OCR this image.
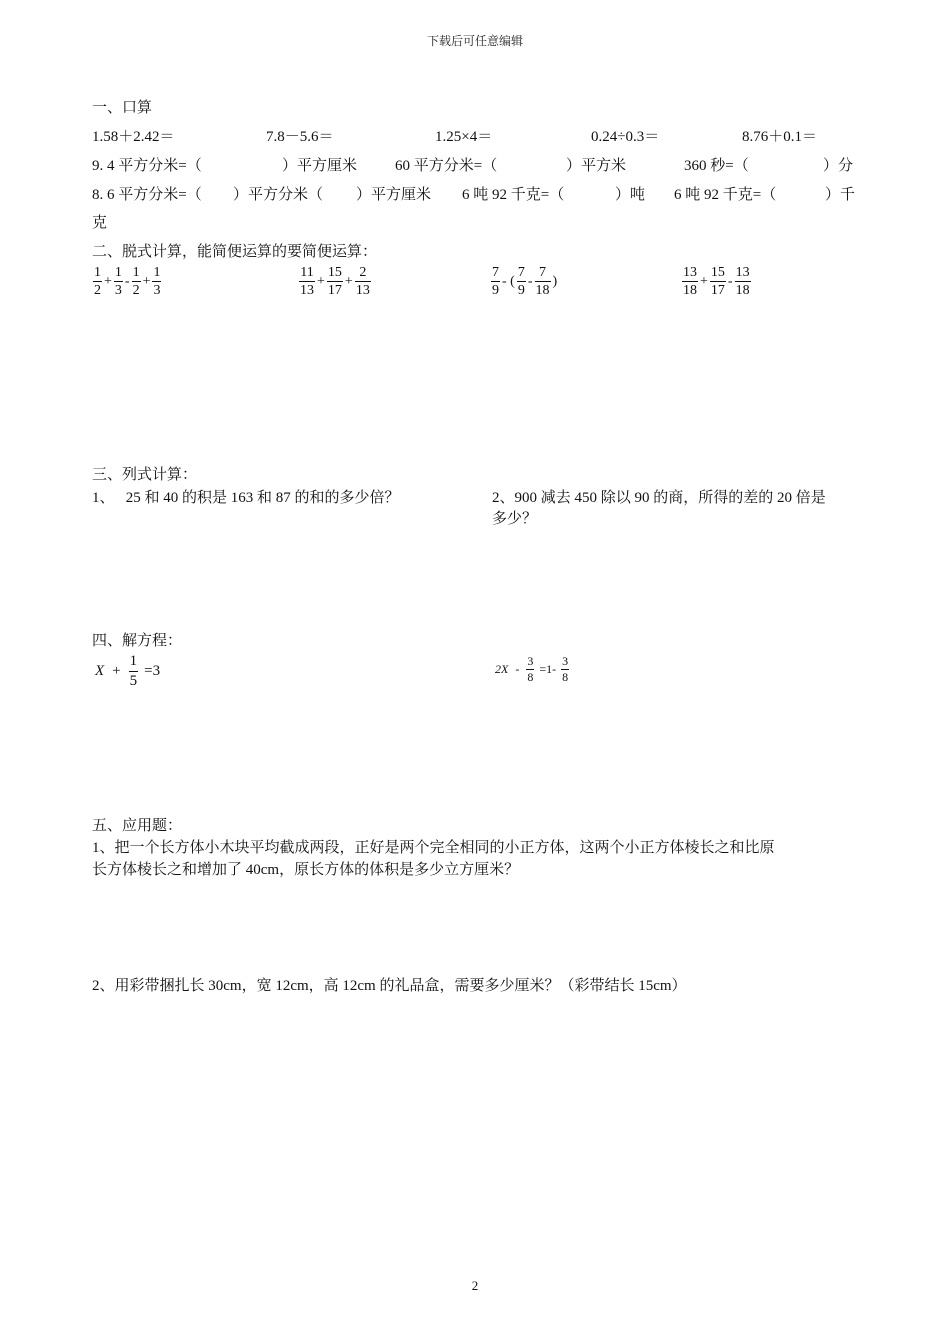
下载后可任意编辑
一、口算
1.58＋2.42＝	7.8－5.6＝	1.25×4＝	0.24÷0.3＝	8.76＋0.1＝
9. 4 平方分米=（	）平方厘米	60 平方分米=（	）平方米	360 秒=（	）分
8. 6 平方分米=（ ）平方分米（ ）平方厘米 6 吨 92 千克=（	）吨 6 吨 92 千克=（	）千
克
二、脱式计算，能简便运算的要简便运算：
$\frac{1}{2} + \frac{1}{3} - \frac{1}{2} + \frac{1}{3}$	$\frac{11}{13} + \frac{15}{17} + \frac{2}{13}$	$\frac{7}{9}$ - ( $\frac{7}{9} - \frac{7}{18}$ )	$\frac{13}{18} + \frac{15}{17} - \frac{13}{18}$
三、列式计算：
1、　 25 和 40 的积是 163 和 87 的和的多少倍？	2、900 减去 450 除以 90 的商，所得的差的 20 倍是
多少？
四、解方程：
$X + \frac{1}{5} =3$	$2X - \frac{3}{8} =1- \frac{3}{8}$
五、应用题：
1、把一个长方体小木块平均截成两段，正好是两个完全相同的小正方体，这两个小正方体棱长之和比原
长方体棱长之和增加了 40cm，原长方体的体积是多少立方厘米？
2、用彩带捆扎长 30cm，宽 12cm，高 12cm 的礼品盒，需要多少厘米？（彩带结长 15cm）
2
